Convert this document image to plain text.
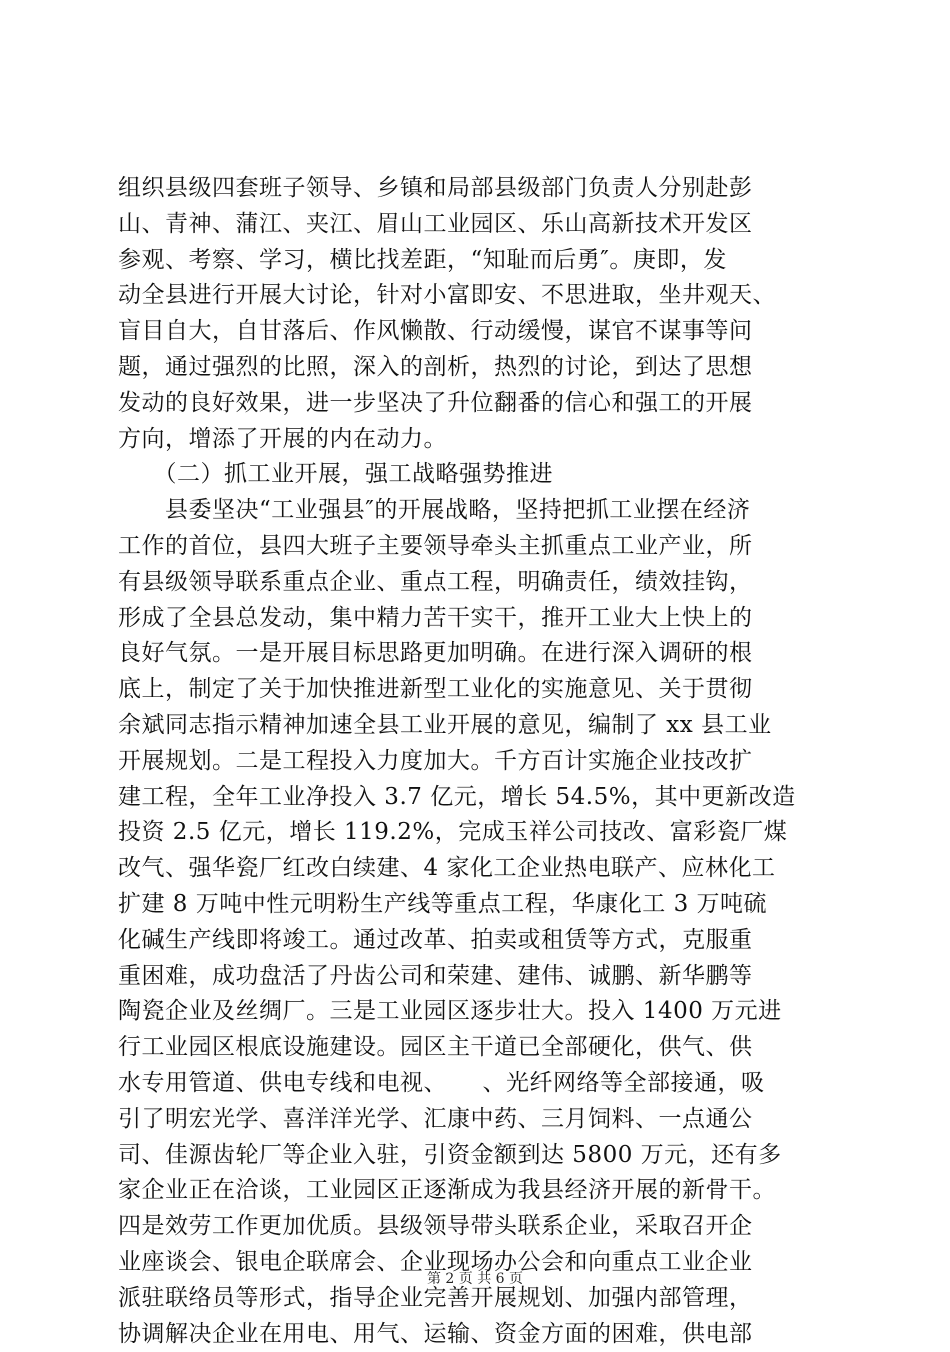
组织县级四套班子领导、乡镇和局部县级部门负责人分别赴彭
山、青神、蒲江、夹江、眉山工业园区、乐山高新技术开发区
参观、考察、学习，横比找差距，“知耻而后勇″。庚即，发
动全县进行开展大讨论，针对小富即安、不思进取，坐井观天、
盲目自大，自甘落后、作风懒散、行动缓慢，谋官不谋事等问
题，通过强烈的比照，深入的剖析，热烈的讨论，到达了思想
发动的良好效果，进一步坚决了升位翻番的信心和强工的开展
方向，增添了开展的内在动力。
　　（二）抓工业开展，强工战略强势推进
　　县委坚决“工业强县″的开展战略，坚持把抓工业摆在经济
工作的首位，县四大班子主要领导牵头主抓重点工业产业，所
有县级领导联系重点企业、重点工程，明确责任，绩效挂钩，
形成了全县总发动，集中精力苦干实干，推开工业大上快上的
良好气氛。一是开展目标思路更加明确。在进行深入调研的根
底上，制定了关于加快推进新型工业化的实施意见、关于贯彻
余斌同志指示精神加速全县工业开展的意见，编制了 xx 县工业
开展规划。二是工程投入力度加大。千方百计实施企业技改扩
建工程，全年工业净投入 3.7 亿元，增长 54.5%，其中更新改造
投资 2.5 亿元，增长 119.2%，完成玉祥公司技改、富彩瓷厂煤
改气、强华瓷厂红改白续建、4 家化工企业热电联产、应林化工
扩建 8 万吨中性元明粉生产线等重点工程，华康化工 3 万吨硫
化碱生产线即将竣工。通过改革、拍卖或租赁等方式，克服重
重困难，成功盘活了丹齿公司和荣建、建伟、诚鹏、新华鹏等
陶瓷企业及丝绸厂。三是工业园区逐步壮大。投入 1400 万元进
行工业园区根底设施建设。园区主干道已全部硬化，供气、供
水专用管道、供电专线和电视、　　、光纤网络等全部接通，吸
引了明宏光学、喜洋洋光学、汇康中药、三月饲料、一点通公
司、佳源齿轮厂等企业入驻，引资金额到达 5800 万元，还有多
家企业正在洽谈，工业园区正逐渐成为我县经济开展的新骨干。
四是效劳工作更加优质。县级领导带头联系企业，采取召开企
业座谈会、银电企联席会、企业现场办公会和向重点工业企业
派驻联络员等形式，指导企业完善开展规划、加强内部管理，
协调解决企业在用电、用气、运输、资金方面的困难，供电部
第 2 页 共 6 页
